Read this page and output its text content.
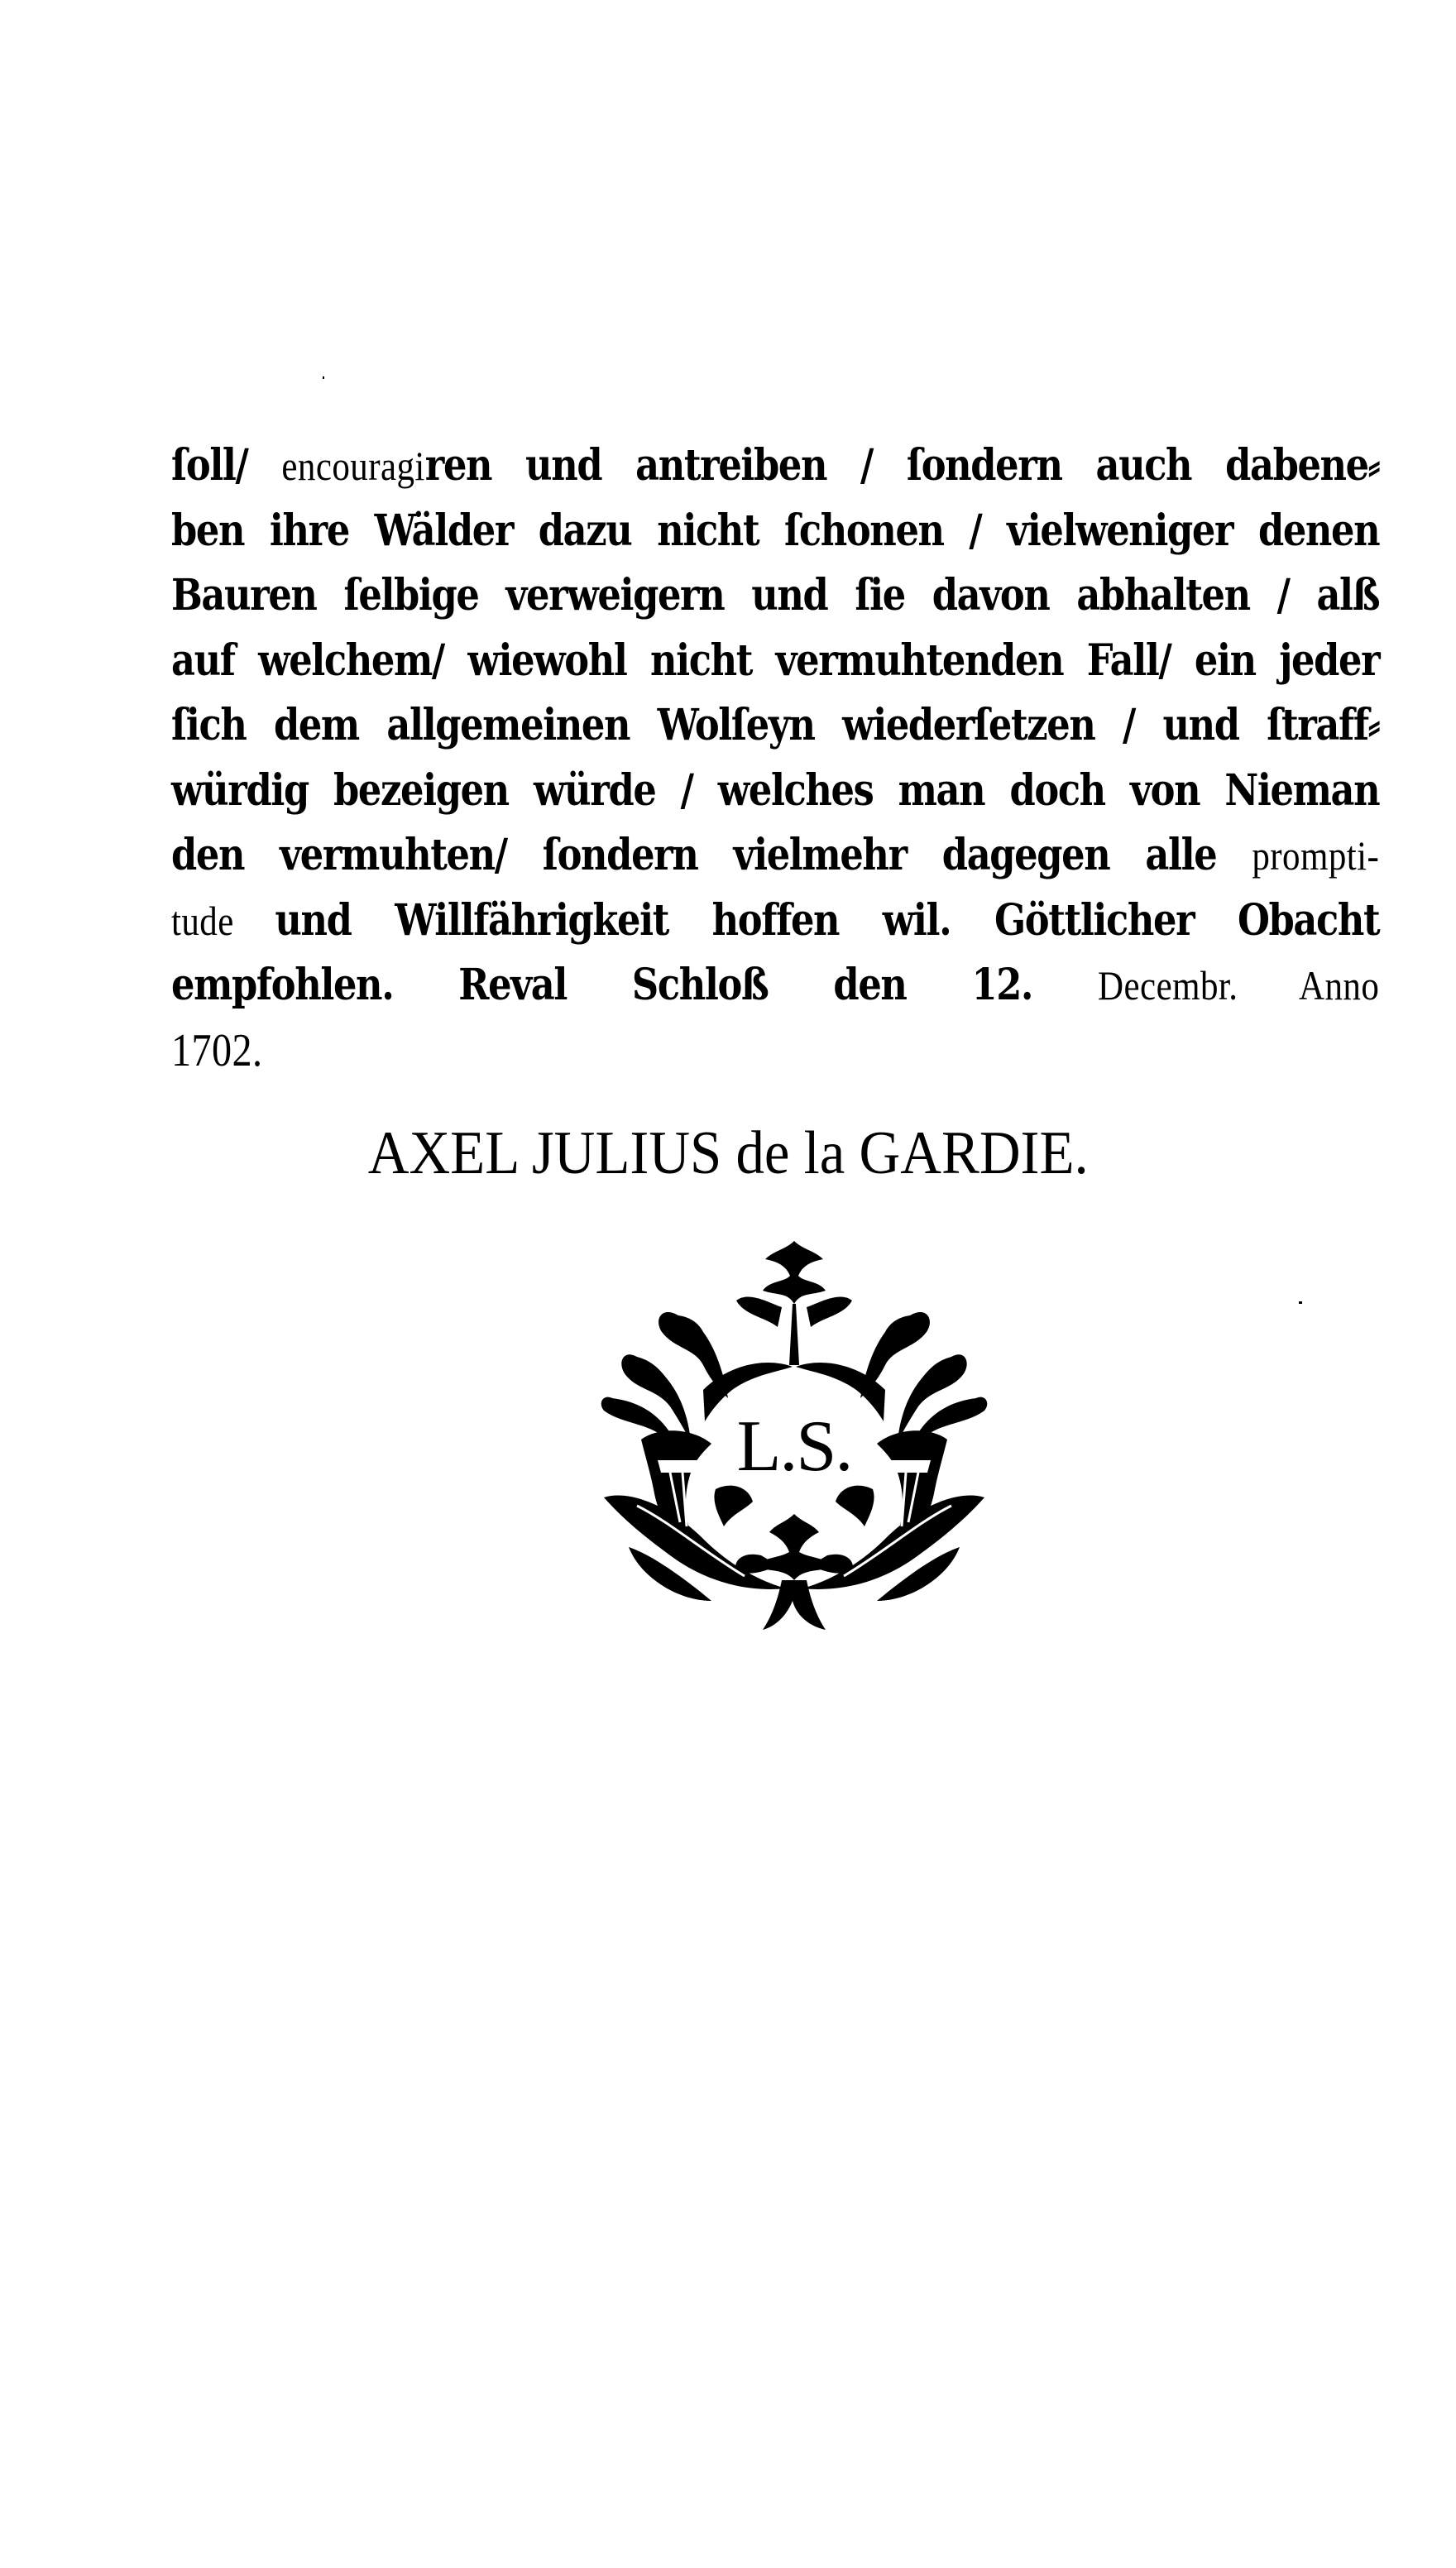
ſoll/ encouragiren und antreiben / ſondern auch dabene⸗
ben ihre Wälder dazu nicht ſchonen / vielweniger denen
Bauren ſelbige verweigern und ſie davon abhalten / alß
auf welchem/ wiewohl nicht vermuhtenden Fall/ ein jeder
ſich dem allgemeinen Wolſeyn wiederſetzen / und ſtraff⸗
würdig bezeigen würde / welches man doch von Nieman
den vermuhten/ ſondern vielmehr dagegen alle prompti-
tude und Willfährigkeit hoffen wil. Göttlicher Obacht
empfohlen. Reval Schloß den 12. Decembr. Anno
1702.
AXEL JULIUS de la GARDIE.
L.S.
